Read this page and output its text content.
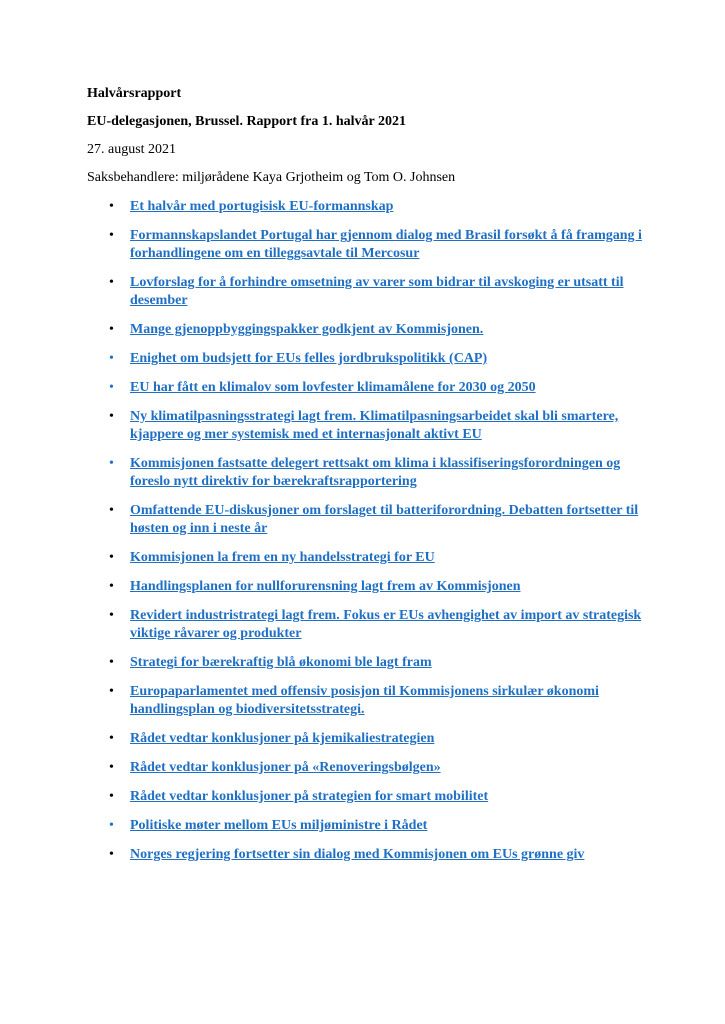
Halvårsrapport
EU-delegasjonen, Brussel. Rapport fra 1. halvår 2021
27. august 2021
Saksbehandlere: miljørådene Kaya Grjotheim og Tom O. Johnsen
• Et halvår med portugisisk EU-formannskap
• Formannskapslandet Portugal har gjennom dialog med Brasil forsøkt å få framgang i forhandlingene om en tilleggsavtale til Mercosur
• Lovforslag for å forhindre omsetning av varer som bidrar til avskoging er utsatt til desember
• Mange gjenoppbyggingspakker godkjent av Kommisjonen.
• Enighet om budsjett for EUs felles jordbrukspolitikk (CAP)
• EU har fått en klimalov som lovfester klimamålene for 2030 og 2050
• Ny klimatilpasningsstrategi lagt frem. Klimatilpasningsarbeidet skal bli smartere, kjappere og mer systemisk med et internasjonalt aktivt EU
• Kommisjonen fastsatte delegert rettsakt om klima i klassifiseringsforordningen og foreslo nytt direktiv for bærekraftsrapportering
• Omfattende EU-diskusjoner om forslaget til batteriforordning. Debatten fortsetter til høsten og inn i neste år
• Kommisjonen la frem en ny handelsstrategi for EU
• Handlingsplanen for nullforurensning lagt frem av Kommisjonen
• Revidert industristrategi lagt frem. Fokus er EUs avhengighet av import av strategisk viktige råvarer og produkter
• Strategi for bærekraftig blå økonomi ble lagt fram
• Europaparlamentet med offensiv posisjon til Kommisjonens sirkulær økonomi handlingsplan og biodiversitetsstrategi.
• Rådet vedtar konklusjoner på kjemikaliestrategien
• Rådet vedtar konklusjoner på «Renoveringsbølgen»
• Rådet vedtar konklusjoner på strategien for smart mobilitet
• Politiske møter mellom EUs miljøministre i Rådet
• Norges regjering fortsetter sin dialog med Kommisjonen om EUs grønne giv
